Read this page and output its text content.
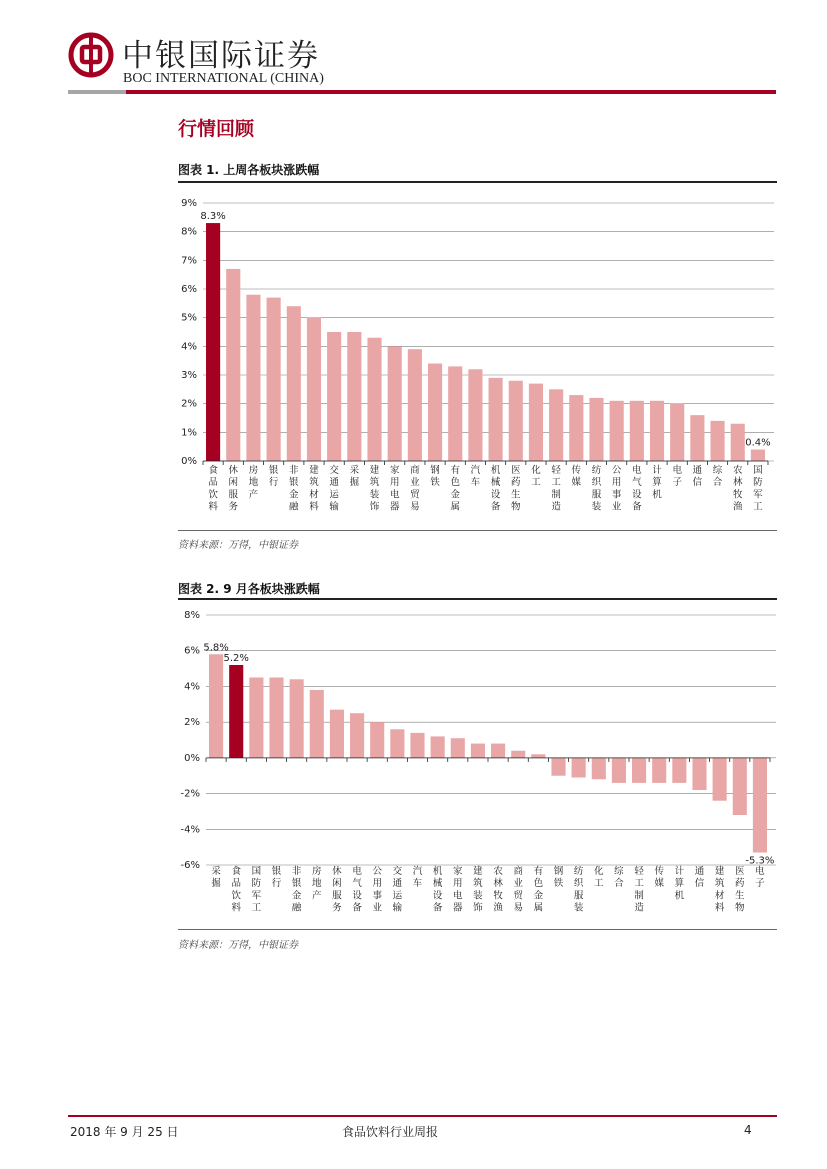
中银国际证券
BOC INTERNATIONAL (CHINA)
行情回顾
图表 1. 上周各板块涨跌幅
0%
1%
2%
3%
4%
5%
6%
7%
8%
9%
食品饮料
休闲服务
房地产
银行
非银金融
建筑材料
交通运输
采掘
建筑装饰
家用电器
商业贸易
钢铁
有色金属
汽车
机械设备
医药生物
化工
轻工制造
传媒
纺织服装
公用事业
电气设备
计算机
电子
通信
综合
农林牧渔
国防军工
8.3%
0.4%
资料来源：万得，中银证券
图表 2. 9 月各板块涨跌幅
-6%
-4%
-2%
0%
2%
4%
6%
8%
采掘
食品饮料
国防军工
银行
非银金融
房地产
休闲服务
电气设备
公用事业
交通运输
汽车
机械设备
家用电器
建筑装饰
农林牧渔
商业贸易
有色金属
钢铁
纺织服装
化工
综合
轻工制造
传媒
计算机
通信
建筑材料
医药生物
电子
5.8%
5.2%
-5.3%
资料来源：万得，中银证券
2018 年 9 月 25 日	食品饮料行业周报	4
